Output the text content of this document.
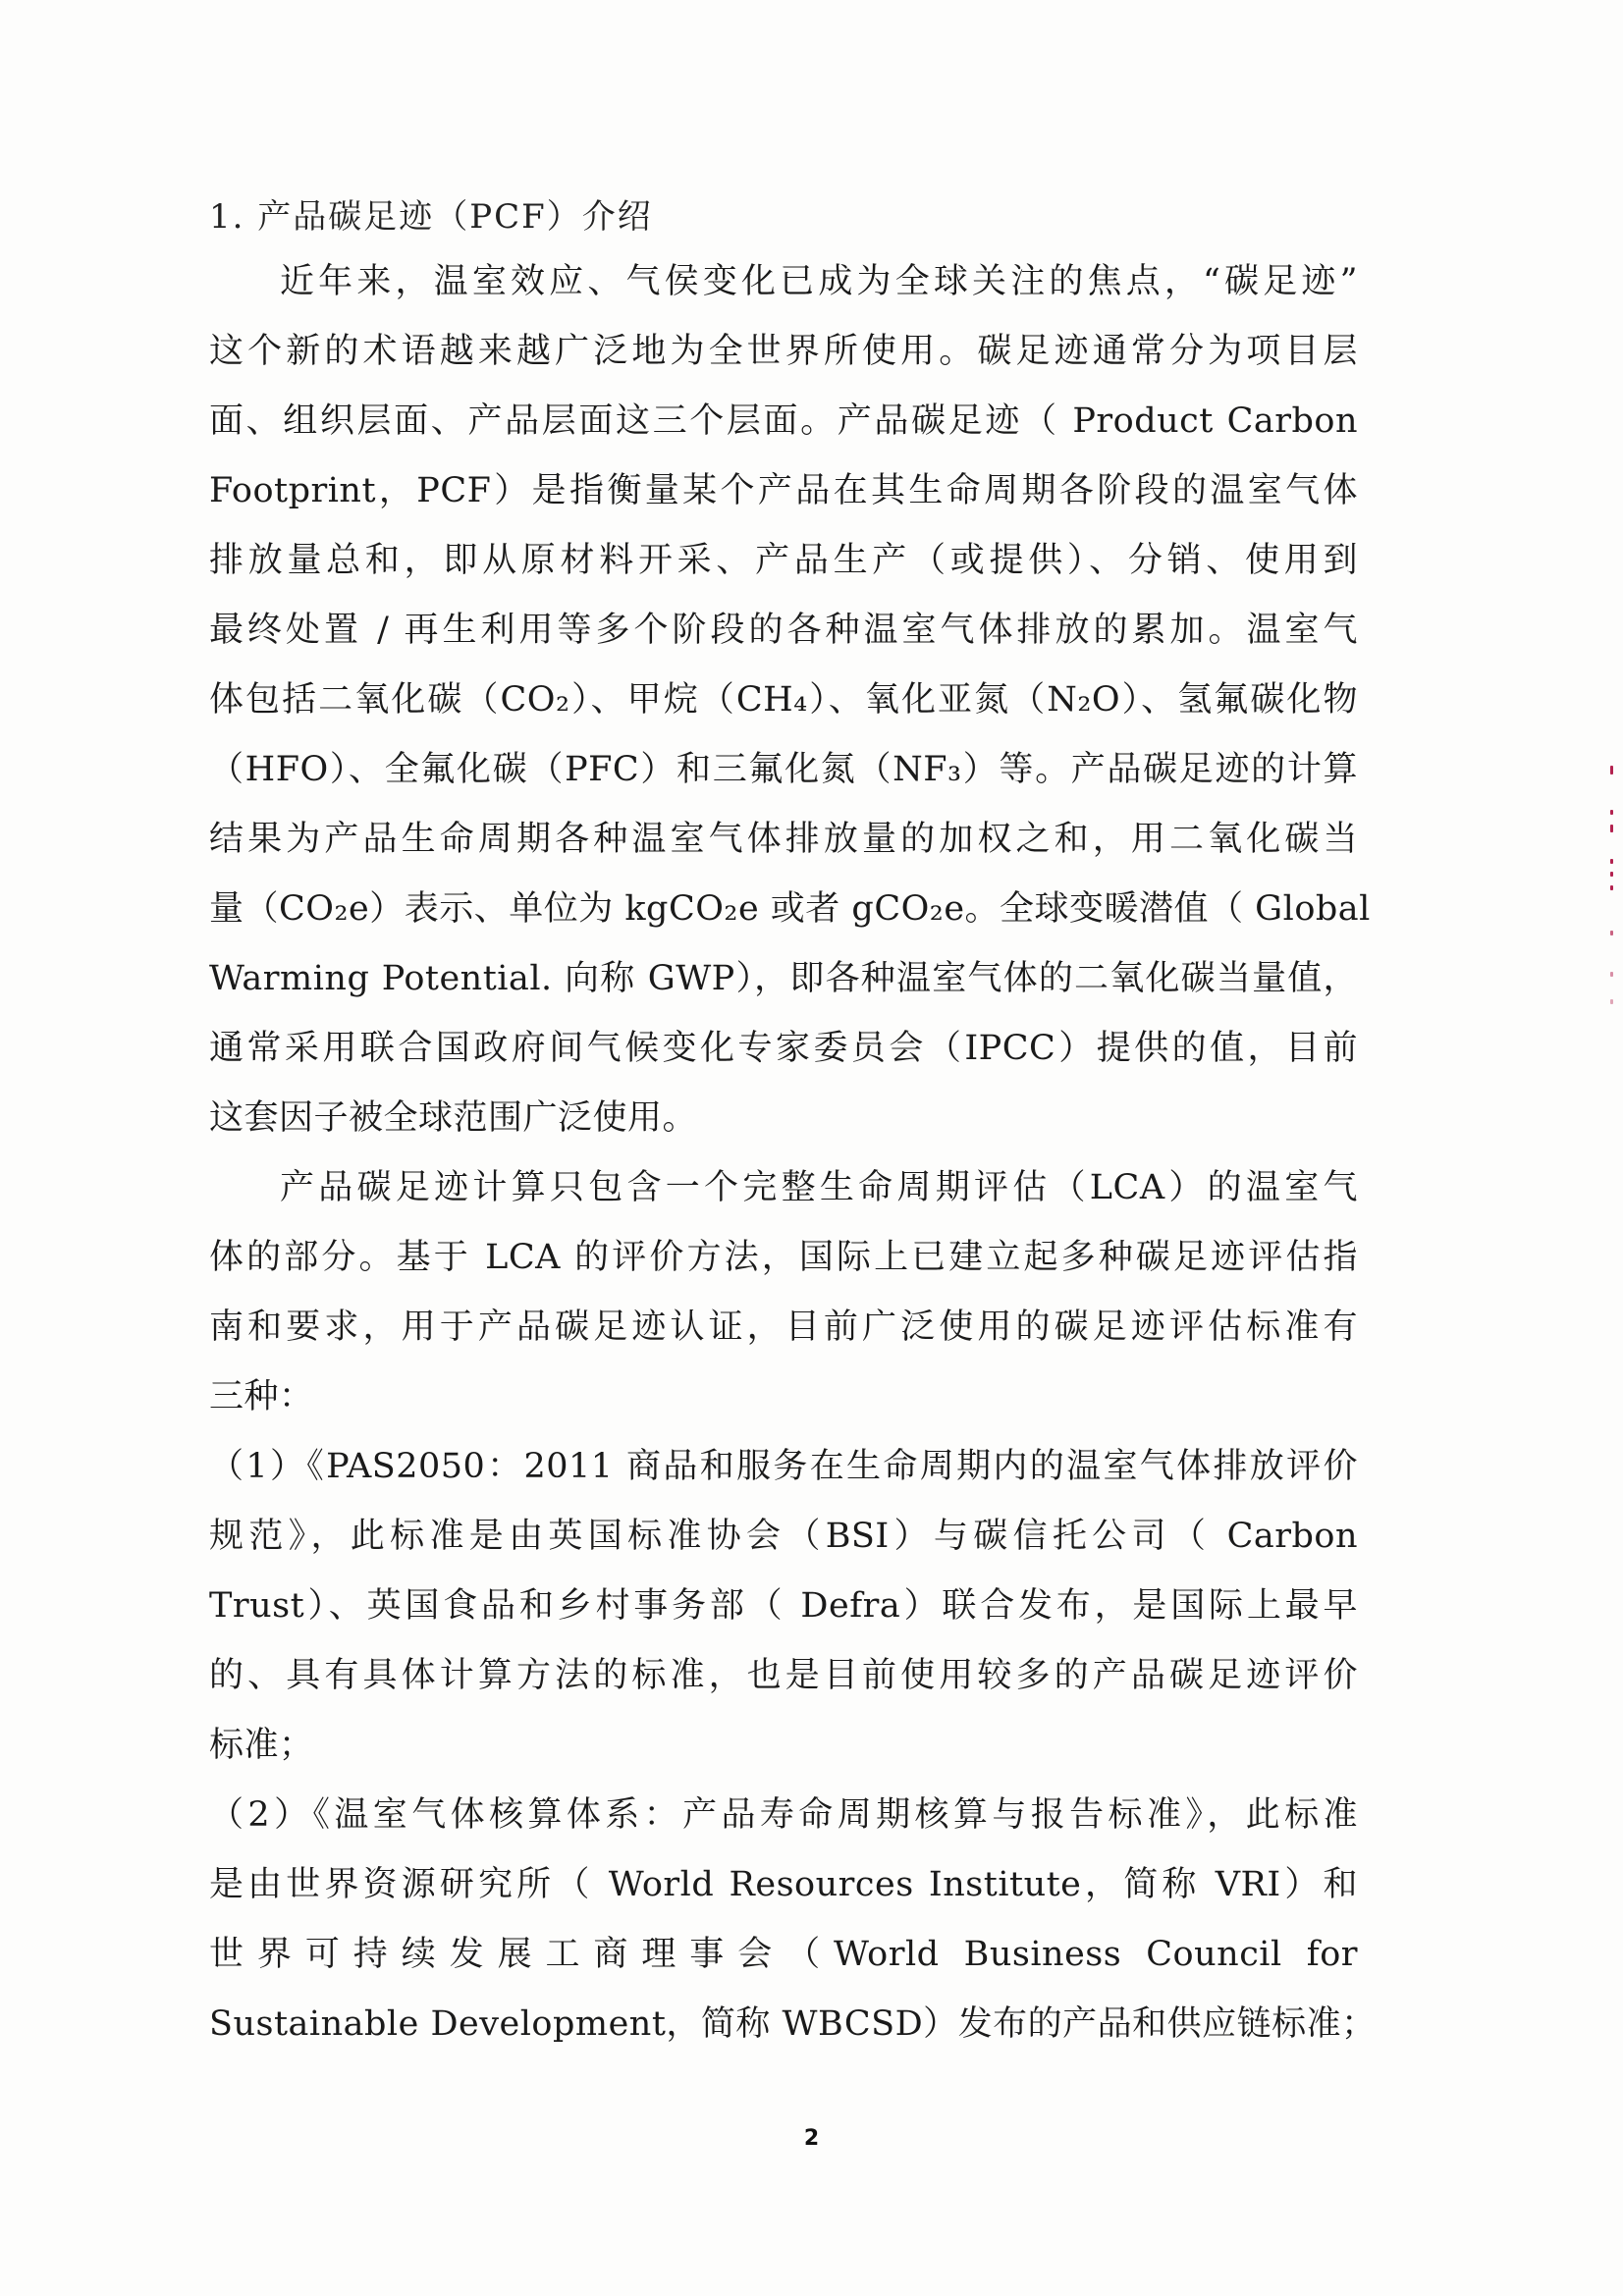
1. 产品碳足迹（PCF）介绍
近年来，温室效应、气侯变化已成为全球关注的焦点，“碳足迹”
这个新的术语越来越广泛地为全世界所使用。碳足迹通常分为项目层
面、组织层面、产品层面这三个层面。产品碳足迹（ Product Carbon
Footprint，PCF）是指衡量某个产品在其生命周期各阶段的温室气体
排放量总和，即从原材料开采、产品生产（或提供）、分销、使用到
最终处置 / 再生利用等多个阶段的各种温室气体排放的累加。温室气
体包括二氧化碳（CO₂）、甲烷（CH₄）、氧化亚氮（N₂O）、氢氟碳化物
（HFO）、全氟化碳（PFC）和三氟化氮（NF₃）等。产品碳足迹的计算
结果为产品生命周期各种温室气体排放量的加权之和，用二氧化碳当
量（CO₂e）表示、单位为 kgCO₂e 或者 gCO₂e。全球变暖潜值（ Global
Warming Potential. 向称 GWP），即各种温室气体的二氧化碳当量值，
通常采用联合国政府间气候变化专家委员会（IPCC）提供的值，目前
这套因子被全球范围广泛使用。
产品碳足迹计算只包含一个完整生命周期评估（LCA）的温室气
体的部分。基于 LCA 的评价方法，国际上已建立起多种碳足迹评估指
南和要求，用于产品碳足迹认证，目前广泛使用的碳足迹评估标准有
三种：
（1）《PAS2050：2011 商品和服务在生命周期内的温室气体排放评价
规范》，此标准是由英国标准协会（BSI）与碳信托公司（ Carbon
Trust）、英国食品和乡村事务部（ Defra）联合发布，是国际上最早
的、具有具体计算方法的标准，也是目前使用较多的产品碳足迹评价
标准；
（2）《温室气体核算体系：产品寿命周期核算与报告标准》，此标准
是由世界资源研究所（ World Resources Institute，简称 VRI）和
世界可持续发展工商理事会（World Business Council for
Sustainable Development，简称 WBCSD）发布的产品和供应链标准；
2
